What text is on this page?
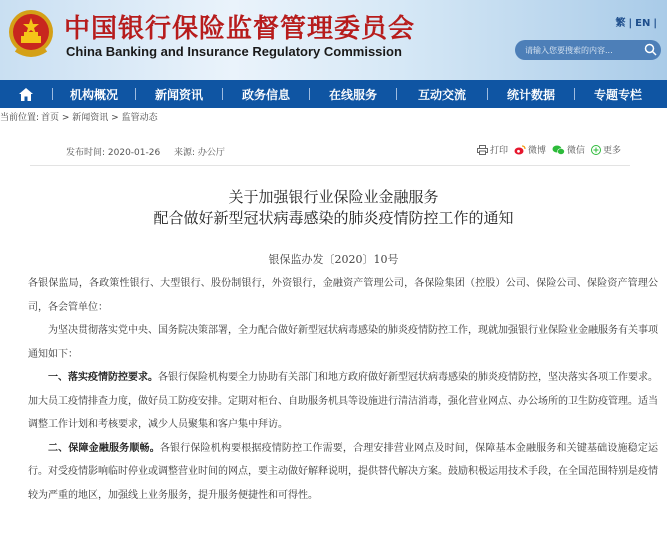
中国银行保险监督管理委员会
China Banking and Insurance Regulatory Commission
繁 | EN |
请输入您要搜索的内容...
机构概况	新闻资讯	政务信息	在线服务	互动交流	统计数据	专题专栏
当前位置: 首页 > 新闻资讯 > 监管动态
发布时间: 2020-01-26 来源: 办公厅	打印 微博 微信 更多
关于加强银行业保险业金融服务
配合做好新型冠状病毒感染的肺炎疫情防控工作的通知
银保监办发〔2020〕10号

各银保监局，各政策性银行、大型银行、股份制银行，外资银行，金融资产管理公司，各保险集团（控股）公司、保险公司、保险资产管理公司，各会管单位：

为坚决贯彻落实党中央、国务院决策部署，全力配合做好新型冠状病毒感染的肺炎疫情防控工作，现就加强银行业保险业金融服务有关事项通知如下：

一、落实疫情防控要求。各银行保险机构要全力协助有关部门和地方政府做好新型冠状病毒感染的肺炎疫情防控，坚决落实各项工作要求。加大员工疫情排查力度，做好员工防疫安排。定期对柜台、自助服务机具等设施进行清洁消毒，强化营业网点、办公场所的卫生防疫管理。适当调整工作计划和考核要求，减少人员聚集和客户集中拜访。

二、保障金融服务顺畅。各银行保险机构要根据疫情防控工作需要，合理安排营业网点及时间，保障基本金融服务和关键基础设施稳定运行。对受疫情影响临时停业或调整营业时间的网点，要主动做好解释说明，提供替代解决方案。鼓励积极运用技术手段，在全国范围特别是疫情较为严重的地区，加强线上业务服务，提升服务便捷性和可得性。
